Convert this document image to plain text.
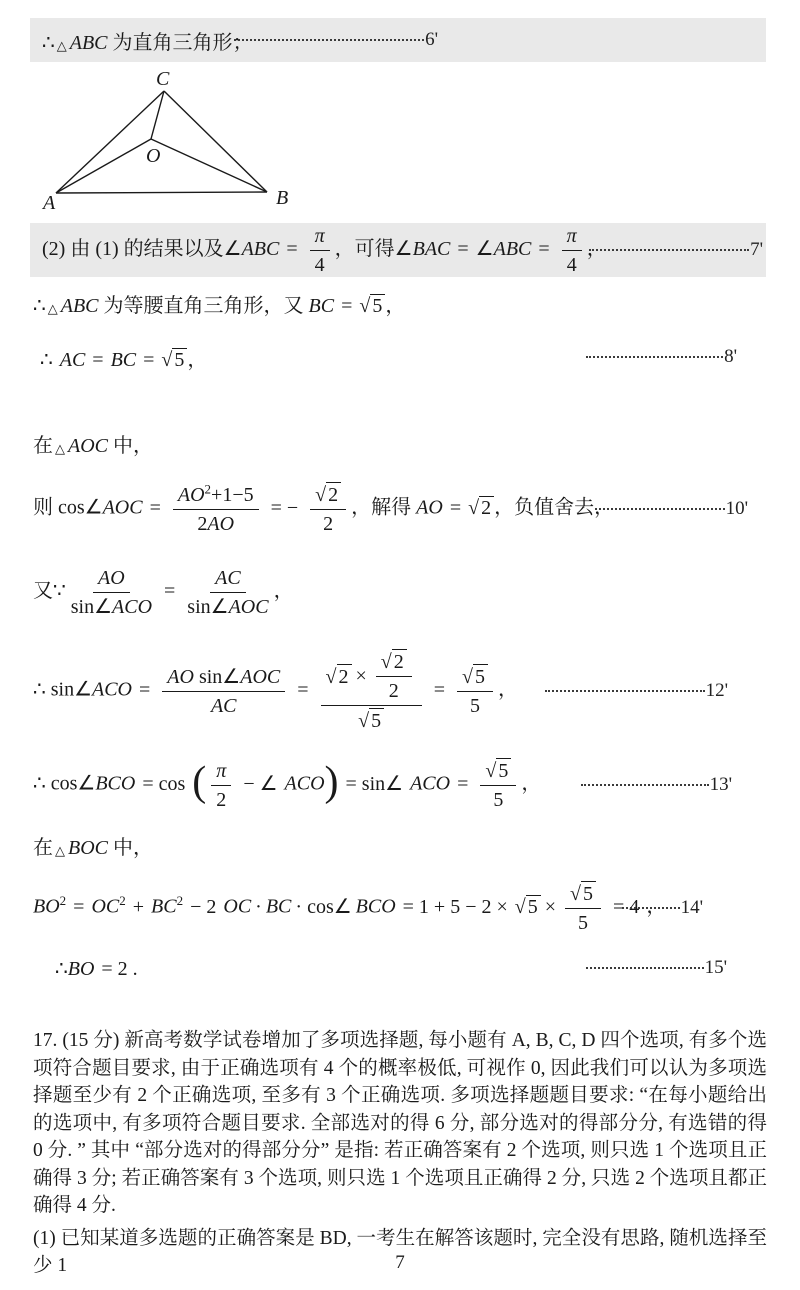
∴ △ ABC 为直角三角形；	6'
A	B
C
O
(2) 由 (1) 的结果以及∠ABC = $\frac{\pi}{4}$ ，可得∠BAC = ∠ABC = $\frac{\pi}{4}$ ，	7'
∴ △ ABC 为等腰直角三角形，又 BC = √ 5 ，
∴ AC = BC = √ 5 ，	8'
在 △ AOC 中，
则 cos∠AOC = $\frac{AO^2+1-5}{2AO}$ = − √ $\frac{2}{2}$ ，解得 AO = √ 2 ，负值舍去，	10'
又∵ $\frac{AO}{\text{sin∠ACO}} = \frac{AC}{\text{sin∠AOC}}$ ，
∴ sin∠ACO = $\frac{\text{AO sin∠AOC}}{AC}$ = √ 2 × √ $\frac{2}{2}$
√ 5 = √ $\frac{5}{5}$ ，	12'
∴ cos∠BCO = cos ( $\frac{\pi}{2}$ − ∠ ACO) = sin∠ ACO = √ $\frac{5}{5}$ ，	13'
在 △ BOC 中，
$BO^2 = OC^2 + BC^2 - 2$ OC · BC · cos∠ BCO = 1 + 5 − 2 × √ 5 × √ $\frac{5}{5} = 4$ ， 14'
∴BO = 2 .	15'

17. (15 分) 新高考数学试卷增加了多项选择题, 每小题有 A, B, C, D 四个选项, 有多个选项符合题目要求, 由于正确选项有 4 个的概率极低, 可视作 0, 因此我们可以认为多项选择题至少有 2 个正确选项, 至多有 3 个正确选项. 多项选择题题目要求: “在每小题给出的选项中, 有多项符合题目要求. 全部选对的得 6 分, 部分选对的得部分分, 有选错的得 0 分. ” 其中 “部分选对的得部分分” 是指: 若正确答案有 2 个选项, 则只选 1 个选项且正确得 3 分; 若正确答案有 3 个选项, 则只选 1 个选项且正确得 2 分, 只选 2 个选项且都正确得 4 分.

(1) 已知某道多选题的正确答案是 BD, 一考生在解答该题时, 完全没有思路, 随机选择至少 1	7
